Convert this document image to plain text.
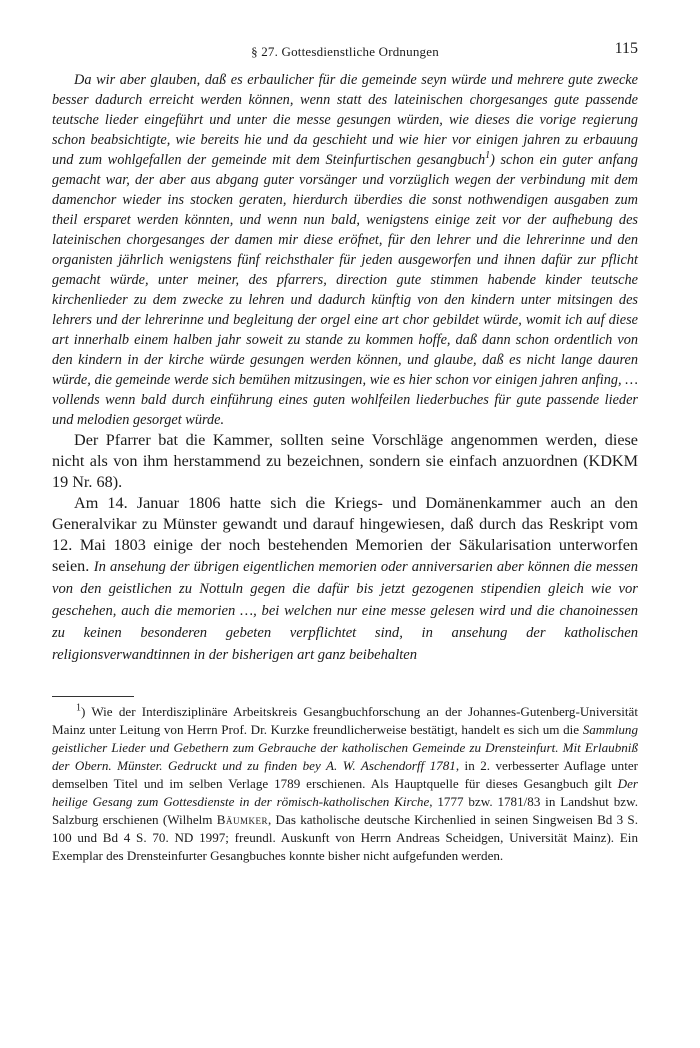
§ 27. Gottesdienstliche Ordnungen	115

Da wir aber glauben, daß es erbaulicher für die gemeinde seyn würde und mehrere gute zwecke besser dadurch erreicht werden können, wenn statt des lateinischen chorgesanges gute passende teutsche lieder eingeführt und unter die messe gesungen würden, wie dieses die vorige regierung schon beabsichtigte, wie bereits hie und da geschieht und wie hier vor einigen jahren zu erbauung und zum wohlgefallen der gemeinde mit dem Steinfurtischen gesangbuch$^1$) schon ein guter anfang gemacht war, der aber aus abgang guter vorsänger und vorzüglich wegen der verbindung mit dem damenchor wieder ins stocken geraten, hierdurch überdies die sonst nothwendigen ausgaben zum theil ersparet werden könnten, und wenn nun bald, wenigstens einige zeit vor der aufhebung des lateinischen chorgesanges der damen mir diese eröfnet, für den lehrer und die lehrerinne und den organisten jährlich wenigstens fünf reichsthaler für jeden ausgeworfen und ihnen dafür zur pflicht gemacht würde, unter meiner, des pfarrers, direction gute stimmen habende kinder teutsche kirchenlieder zu dem zwecke zu lehren und dadurch künftig von den kindern unter mitsingen des lehrers und der lehrerinne und begleitung der orgel eine art chor gebildet würde, womit ich auf diese art innerhalb einem halben jahr soweit zu stande zu kommen hoffe, daß dann schon ordentlich von den kindern in der kirche würde gesungen werden können, und glaube, daß es nicht lange dauren würde, die gemeinde werde sich bemühen mitzusingen, wie es hier schon vor einigen jahren anfing, … vollends wenn bald durch einführung eines guten wohlfeilen liederbuches für gute passende lieder und melodien gesorget würde.

Der Pfarrer bat die Kammer, sollten seine Vorschläge angenommen werden, diese nicht als von ihm herstammend zu bezeichnen, sondern sie einfach anzuordnen (KDKM 19 Nr. 68).

Am 14. Januar 1806 hatte sich die Kriegs- und Domänenkammer auch an den Generalvikar zu Münster gewandt und darauf hingewiesen, daß durch das Reskript vom 12. Mai 1803 einige der noch bestehenden Memorien der Säkularisation unterworfen seien. In ansehung der übrigen eigentlichen memorien oder anniversarien aber können die messen von den geistlichen zu Nottuln gegen die dafür bis jetzt gezogenen stipendien gleich wie vor geschehen, auch die memorien …, bei welchen nur eine messe gelesen wird und die chanoinessen zu keinen besonderen gebeten verpflichtet sind, in ansehung der katholischen religionsverwandtinnen in der bisherigen art ganz beibehalten

$^1$) Wie der Interdisziplinäre Arbeitskreis Gesangbuchforschung an der Johannes-Gutenberg-Universität Mainz unter Leitung von Herrn Prof. Dr. Kurzke freundlicherweise bestätigt, handelt es sich um die Sammlung geistlicher Lieder und Gebethern zum Gebrauche der katholischen Gemeinde zu Drensteinfurt. Mit Erlaubniß der Obern. Münster. Gedruckt und zu finden bey A. W. Aschendorff 1781, in 2. verbesserter Auflage unter demselben Titel und im selben Verlage 1789 erschienen. Als Hauptquelle für dieses Gesangbuch gilt Der heilige Gesang zum Gottesdienste in der römisch-katholischen Kirche, 1777 bzw. 1781/83 in Landshut bzw. Salzburg erschienen (Wilhelm Bäumker, Das katholische deutsche Kirchenlied in seinen Singweisen Bd 3 S. 100 und Bd 4 S. 70. ND 1997; freundl. Auskunft von Herrn Andreas Scheidgen, Universität Mainz). Ein Exemplar des Drensteinfurter Gesangbuches konnte bisher nicht aufgefunden werden.
